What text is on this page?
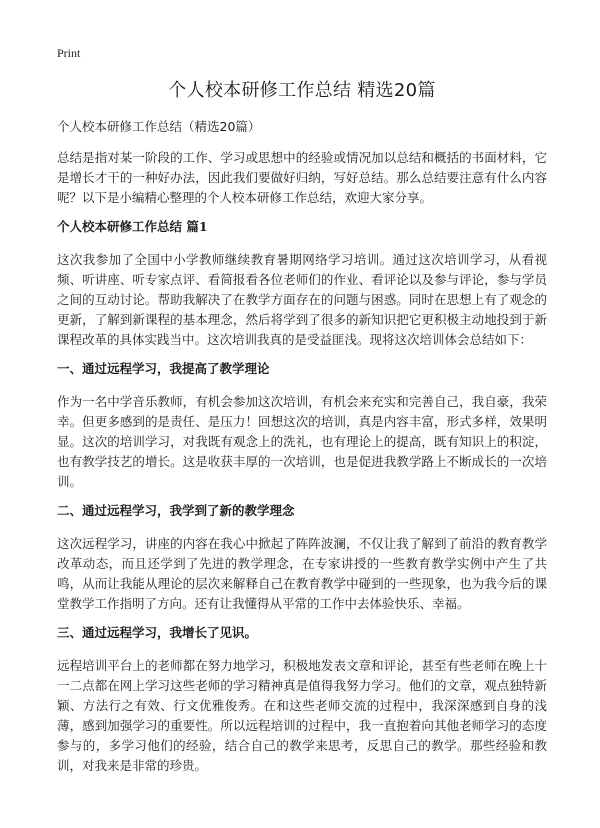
Print
个人校本研修工作总结 精选20篇

个人校本研修工作总结（精选20篇）

总结是指对某一阶段的工作、学习或思想中的经验或情况加以总结和概括的书面材料，它是增长才干的一种好办法，因此我们要做好归纳，写好总结。那么总结要注意有什么内容呢？以下是小编精心整理的个人校本研修工作总结，欢迎大家分享。

个人校本研修工作总结 篇1

这次我参加了全国中小学教师继续教育暑期网络学习培训。通过这次培训学习，从看视频、听讲座、听专家点评、看简报看各位老师们的作业、看评论以及参与评论，参与学员之间的互动讨论。帮助我解决了在教学方面存在的问题与困惑。同时在思想上有了观念的更新，了解到新课程的基本理念，然后将学到了很多的新知识把它更积极主动地投到于新课程改革的具体实践当中。这次培训我真的是受益匪浅。现将这次培训体会总结如下：

一、通过远程学习，我提高了教学理论

作为一名中学音乐教师，有机会参加这次培训，有机会来充实和完善自己，我自豪，我荣幸。但更多感到的是责任、是压力！回想这次的培训，真是内容丰富，形式多样，效果明显。这次的培训学习，对我既有观念上的洗礼，也有理论上的提高，既有知识上的积淀，也有教学技艺的增长。这是收获丰厚的一次培训，也是促进我教学路上不断成长的一次培训。

二、通过远程学习，我学到了新的教学理念

这次远程学习，讲座的内容在我心中掀起了阵阵波澜，不仅让我了解到了前沿的教育教学改革动态，而且还学到了先进的教学理念，在专家讲授的一些教育教学实例中产生了共鸣，从而让我能从理论的层次来解释自己在教育教学中碰到的一些现象，也为我今后的课堂教学工作指明了方向。还有让我懂得从平常的工作中去体验快乐、幸福。

三、通过远程学习，我增长了见识。

远程培训平台上的老师都在努力地学习，积极地发表文章和评论，甚至有些老师在晚上十一二点都在网上学习这些老师的学习精神真是值得我努力学习。他们的文章，观点独特新颖、方法行之有效、行文优雅俊秀。在和这些老师交流的过程中，我深深感到自身的浅薄，感到加强学习的重要性。所以远程培训的过程中，我一直抱着向其他老师学习的态度参与的，多学习他们的经验，结合自己的教学来思考，反思自己的教学。那些经验和教训，对我来是非常的珍贵。
